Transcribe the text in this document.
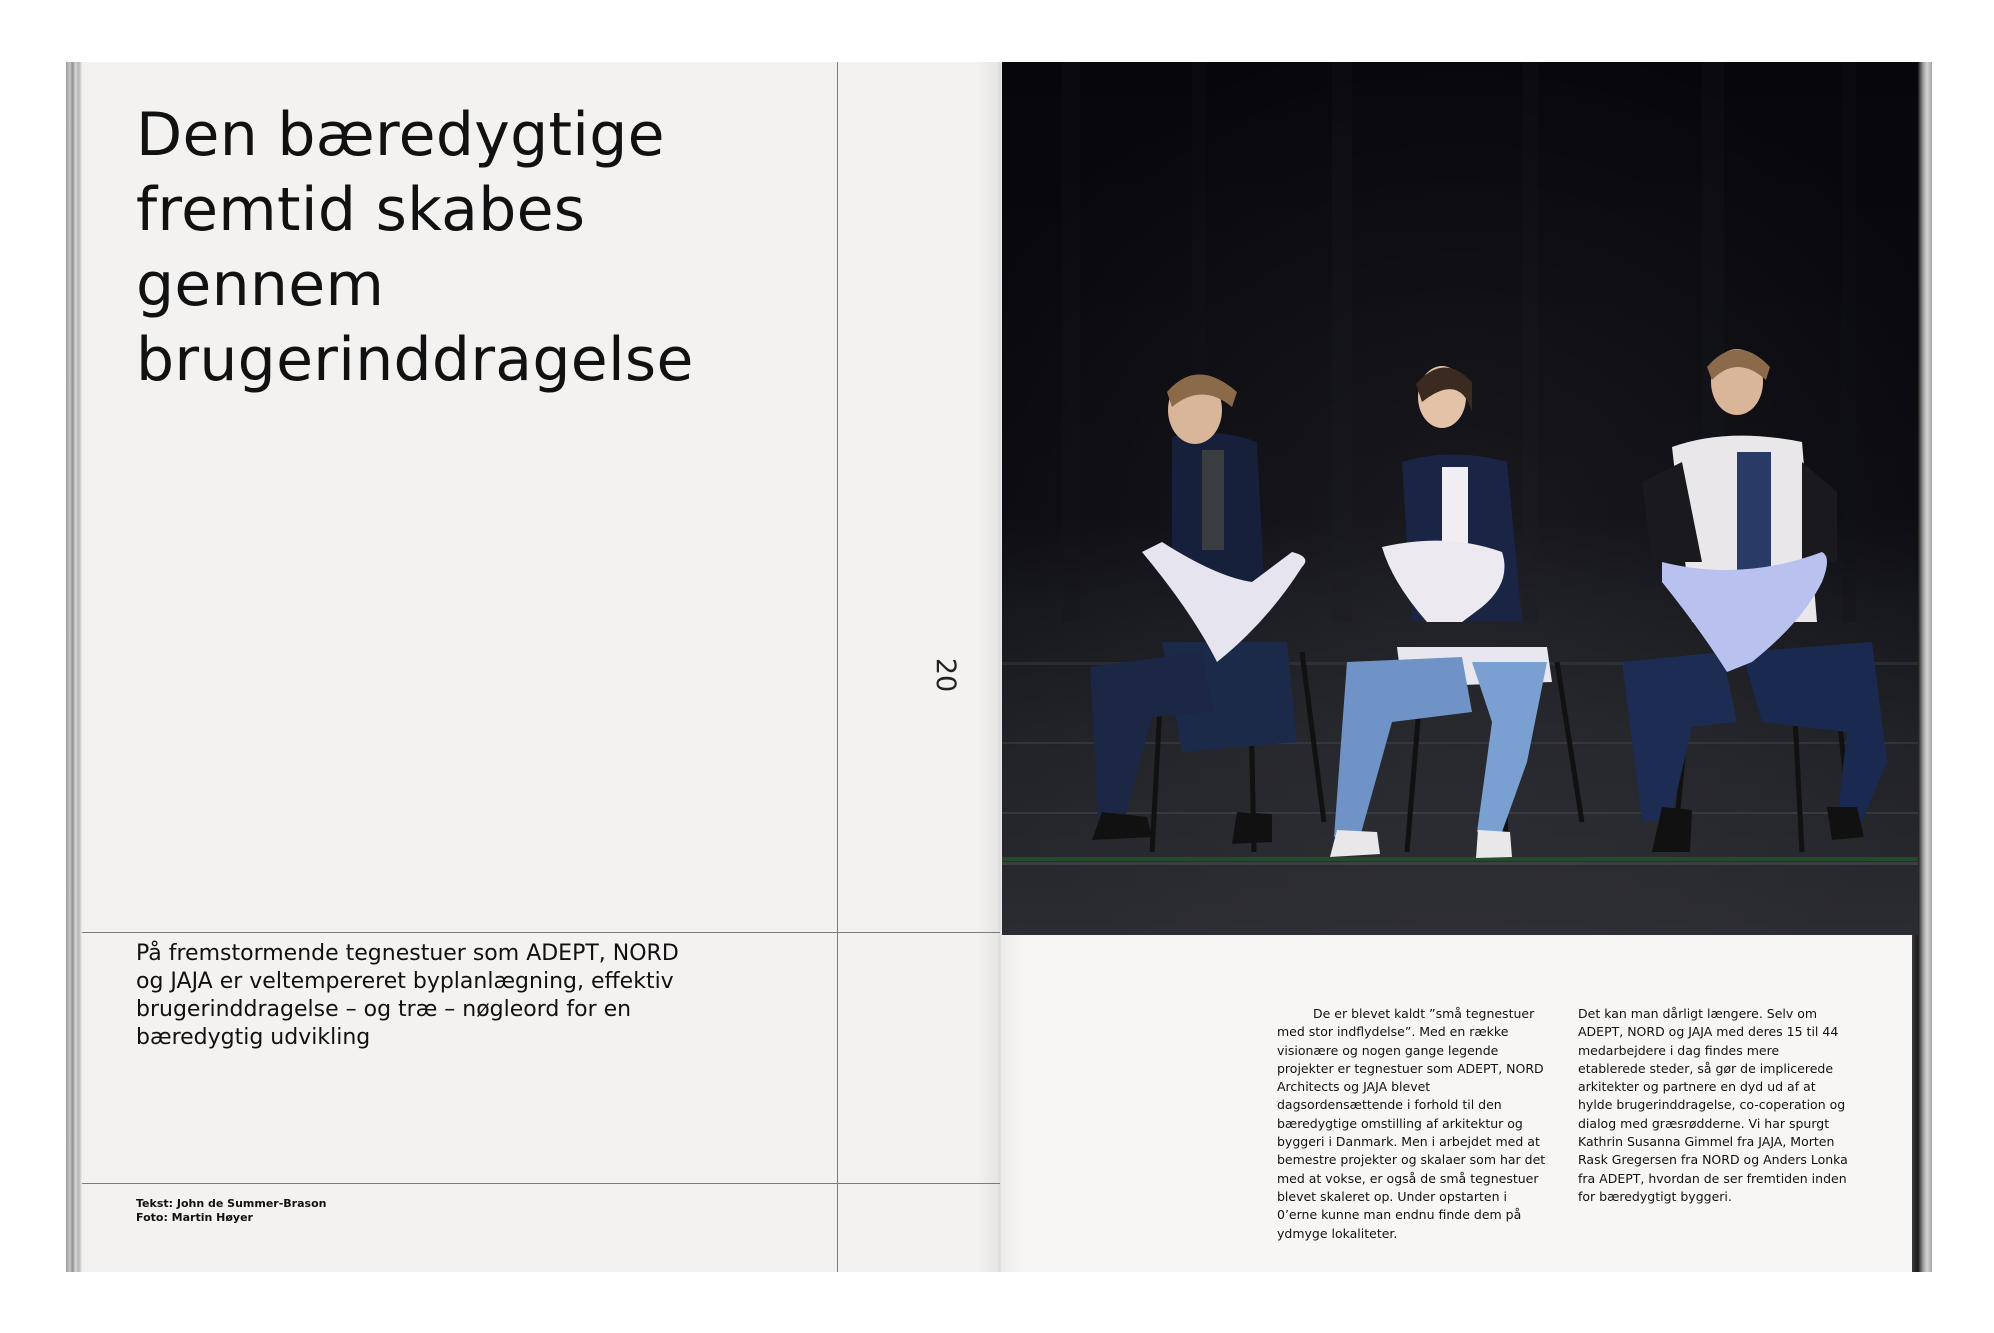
Den bæredygtige fremtid skabes gennem brugerinddragelse

På fremstormende tegnestuer som ADEPT, NORD og JAJA er veltempereret byplanlægning, effektiv brugerinddragelse – og træ – nøgleord for en bæredygtig udvikling

Tekst: John de Summer-Brason
Foto: Martin Høyer
20

De er blevet kaldt ”små tegnestuer med stor indflydelse”. Med en række visionære og nogen gange legende projekter er tegnestuer som ADEPT, NORD Architects og JAJA blevet dagsordensættende i forhold til den bæredygtige omstilling af arkitektur og byggeri i Danmark. Men i arbejdet med at bemestre projekter og skalaer som har det med at vokse, er også de små tegnestuer blevet skaleret op. Under opstarten i 0’erne kunne man endnu finde dem på ydmyge lokaliteter.

Det kan man dårligt længere. Selv om ADEPT, NORD og JAJA med deres 15 til 44 medarbejdere i dag findes mere etablerede steder, så gør de implicerede arkitekter og partnere en dyd ud af at hylde brugerinddragelse, co-coperation og dialog med græsrødderne. Vi har spurgt Kathrin Susanna Gimmel fra JAJA, Morten Rask Gregersen fra NORD og Anders Lonka fra ADEPT, hvordan de ser fremtiden inden for bæredygtigt byggeri.
